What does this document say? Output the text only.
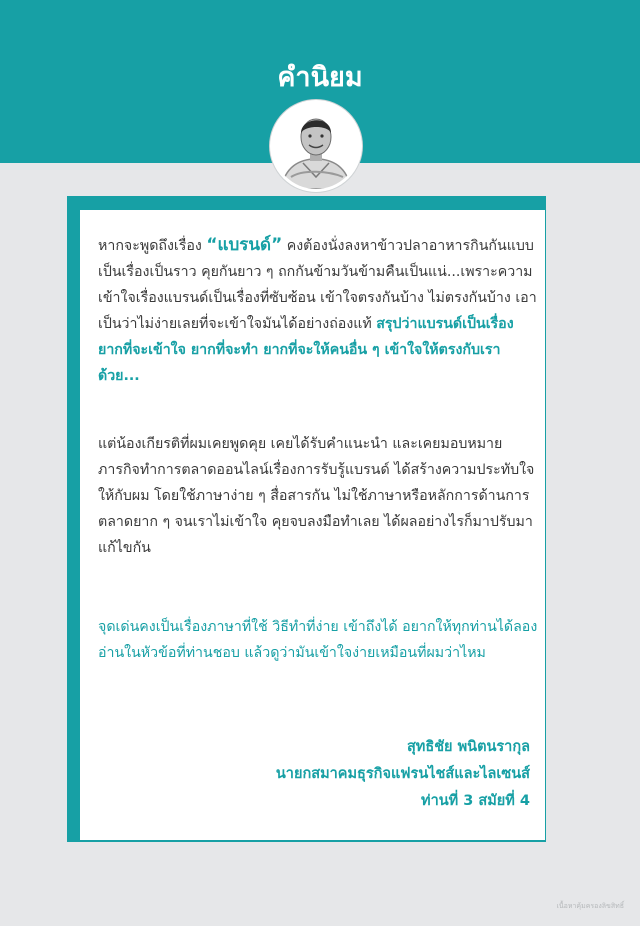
คำนิยม

หากจะพูดถึงเรื่อง “แบรนด์” คงต้องนั่งลงหาข้าวปลาอาหารกินกันแบบเป็นเรื่องเป็นราว คุยกันยาว ๆ ถกกันข้ามวันข้ามคืนเป็นแน่...เพราะความเข้าใจเรื่องแบรนด์เป็นเรื่องที่ซับซ้อน เข้าใจตรงกันบ้าง ไม่ตรงกันบ้าง เอาเป็นว่าไม่ง่ายเลยที่จะเข้าใจมันได้อย่างถ่องแท้ สรุปว่าแบรนด์เป็นเรื่องยากที่จะเข้าใจ ยากที่จะทำ ยากที่จะให้คนอื่น ๆ เข้าใจให้ตรงกับเราด้วย...

แต่น้องเกียรติที่ผมเคยพูดคุย เคยได้รับคำแนะนำ และเคยมอบหมายภารกิจทำการตลาดออนไลน์เรื่องการรับรู้แบรนด์ ได้สร้างความประทับใจให้กับผม โดยใช้ภาษาง่าย ๆ สื่อสารกัน ไม่ใช้ภาษาหรือหลักการด้านการตลาดยาก ๆ จนเราไม่เข้าใจ คุยจบลงมือทำเลย ได้ผลอย่างไรก็มาปรับมาแก้ไขกัน

จุดเด่นคงเป็นเรื่องภาษาที่ใช้ วิธีทำที่ง่าย เข้าถึงได้ อยากให้ทุกท่านได้ลองอ่านในหัวข้อที่ท่านชอบ แล้วดูว่ามันเข้าใจง่ายเหมือนที่ผมว่าไหม

สุทธิชัย พนิตนรากุล
นายกสมาคมธุรกิจแฟรนไชส์และไลเซนส์
ท่านที่ 3 สมัยที่ 4
เนื้อหาคุ้มครองลิขสิทธิ์
